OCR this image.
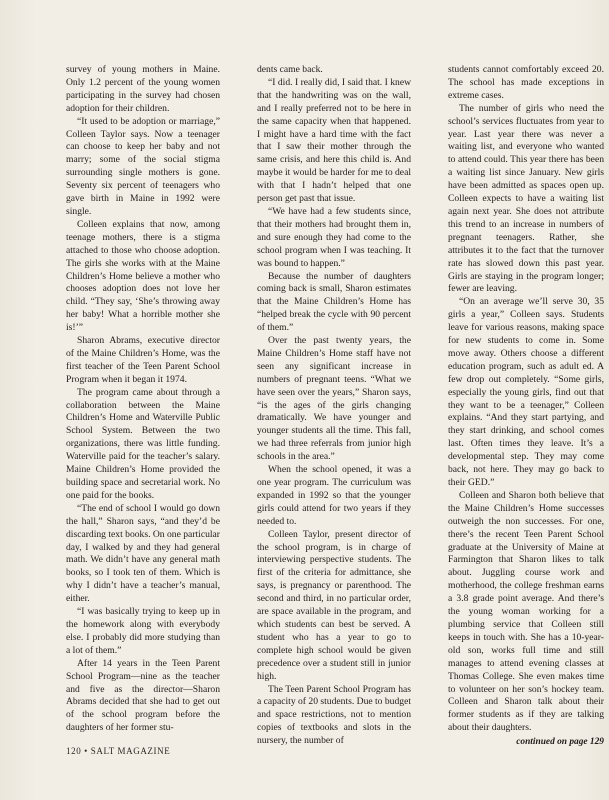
survey of young mothers in Maine. Only 1.2 percent of the young women participating in the survey had chosen adoption for their children.

“It used to be adoption or marriage,” Colleen Taylor says. Now a teenager can choose to keep her baby and not marry; some of the social stigma surrounding single mothers is gone. Seventy six percent of teenagers who gave birth in Maine in 1992 were single.

Colleen explains that now, among teenage mothers, there is a stigma attached to those who choose adoption. The girls she works with at the Maine Children’s Home believe a mother who chooses adoption does not love her child. “They say, ‘She’s throwing away her baby! What a horrible mother she is!’”

Sharon Abrams, executive director of the Maine Children’s Home, was the first teacher of the Teen Parent School Program when it began it 1974.

The program came about through a collaboration between the Maine Children’s Home and Waterville Public School System. Between the two organizations, there was little funding. Waterville paid for the teacher’s salary. Maine Children’s Home provided the building space and secretarial work. No one paid for the books.

“The end of school I would go down the hall,” Sharon says, “and they’d be discarding text books. On one particular day, I walked by and they had general math. We didn’t have any general math books, so I took ten of them. Which is why I didn’t have a teacher’s manual, either.

“I was basically trying to keep up in the homework along with everybody else. I probably did more studying than a lot of them.”

After 14 years in the Teen Parent School Program—nine as the teacher and five as the director—Sharon Abrams decided that she had to get out of the school program before the daughters of her former stu-

dents came back.

“I did. I really did, I said that. I knew that the handwriting was on the wall, and I really preferred not to be here in the same capacity when that happened. I might have a hard time with the fact that I saw their mother through the same crisis, and here this child is. And maybe it would be harder for me to deal with that I hadn’t helped that one person get past that issue.

“We have had a few students since, that their mothers had brought them in, and sure enough they had come to the school program when I was teaching. It was bound to happen.”

Because the number of daughters coming back is small, Sharon estimates that the Maine Children’s Home has “helped break the cycle with 90 percent of them.”

Over the past twenty years, the Maine Children’s Home staff have not seen any significant increase in numbers of pregnant teens. “What we have seen over the years,” Sharon says, “is the ages of the girls changing dramatically. We have younger and younger students all the time. This fall, we had three referrals from junior high schools in the area.”

When the school opened, it was a one year program. The curriculum was expanded in 1992 so that the younger girls could attend for two years if they needed to.

Colleen Taylor, present director of the school program, is in charge of interviewing perspective students. The first of the criteria for admittance, she says, is pregnancy or parenthood. The second and third, in no particular order, are space available in the program, and which students can best be served. A student who has a year to go to complete high school would be given precedence over a student still in junior high.

The Teen Parent School Program has a capacity of 20 students. Due to budget and space restrictions, not to mention copies of textbooks and slots in the nursery, the number of

students cannot comfortably exceed 20. The school has made exceptions in extreme cases.

The number of girls who need the school’s services fluctuates from year to year. Last year there was never a waiting list, and everyone who wanted to attend could. This year there has been a waiting list since January. New girls have been admitted as spaces open up. Colleen expects to have a waiting list again next year. She does not attribute this trend to an increase in numbers of pregnant teenagers. Rather, she attributes it to the fact that the turnover rate has slowed down this past year. Girls are staying in the program longer; fewer are leaving.

“On an average we’ll serve 30, 35 girls a year,” Colleen says. Students leave for various reasons, making space for new students to come in. Some move away. Others choose a different education program, such as adult ed. A few drop out completely. “Some girls, especially the young girls, find out that they want to be a teenager,” Colleen explains. “And they start partying, and they start drinking, and school comes last. Often times they leave. It’s a developmental step. They may come back, not here. They may go back to their GED.”

Colleen and Sharon both believe that the Maine Children’s Home successes outweigh the non successes. For one, there’s the recent Teen Parent School graduate at the University of Maine at Farmington that Sharon likes to talk about. Juggling course work and motherhood, the college freshman earns a 3.8 grade point average. And there’s the young woman working for a plumbing service that Colleen still keeps in touch with. She has a 10-year-old son, works full time and still manages to attend evening classes at Thomas College. She even makes time to volunteer on her son’s hockey team. Colleen and Sharon talk about their former students as if they are talking about their daughters.

continued on page 129

120 • SALT MAGAZINE
